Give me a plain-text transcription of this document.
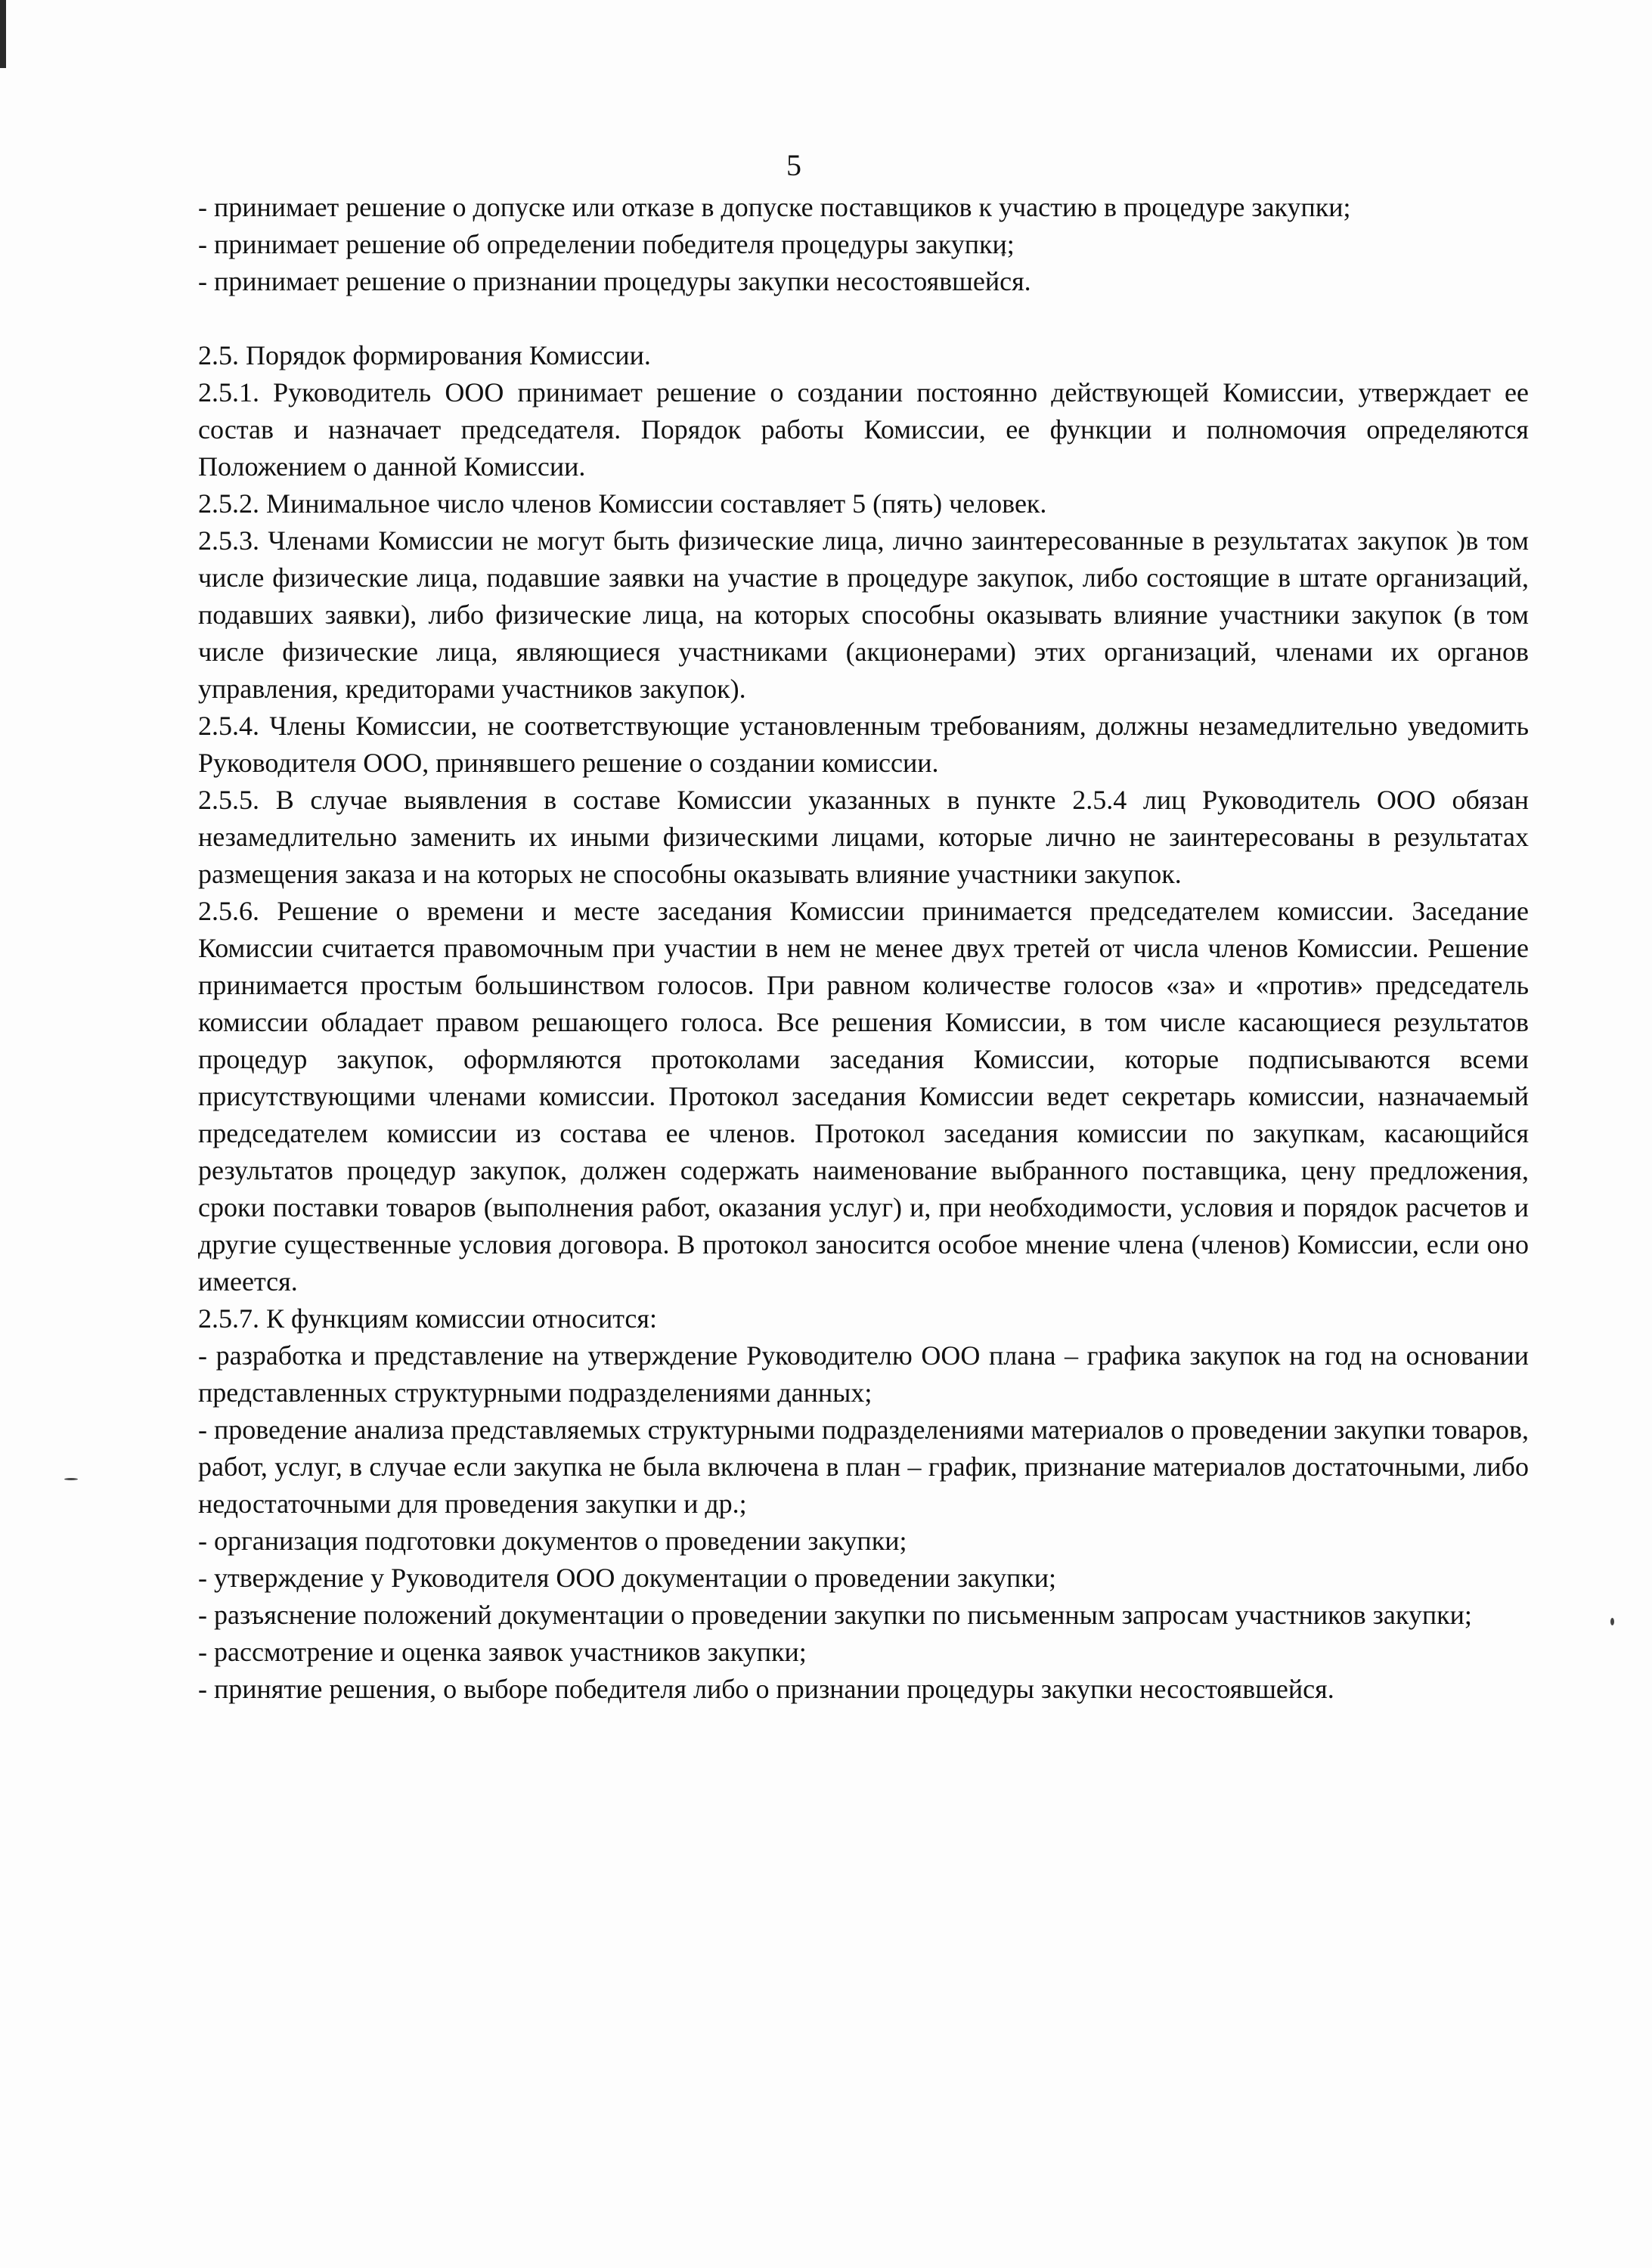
5

- принимает решение о допуске или отказе в допуске поставщиков к участию в процедуре закупки;

- принимает решение об определении победителя процедуры закупки;

- принимает решение о признании процедуры закупки несостоявшейся.

2.5. Порядок формирования Комиссии.

2.5.1. Руководитель ООО принимает решение о создании постоянно действующей Комиссии, утверждает ее состав и назначает председателя. Порядок работы Комиссии, ее функции и полномочия определяются Положением о данной Комиссии.

2.5.2. Минимальное число членов Комиссии составляет 5 (пять) человек.

2.5.3. Членами Комиссии не могут быть физические лица, лично заинтересованные в результатах закупок )в том числе физические лица, подавшие заявки на участие в процедуре закупок, либо состоящие в штате организаций, подавших заявки), либо физические лица, на которых способны оказывать влияние участники закупок (в том числе физические лица, являющиеся участниками (акционерами) этих организаций, членами их органов управления, кредиторами участников закупок).

2.5.4. Члены Комиссии, не соответствующие установленным требованиям, должны незамедлительно уведомить Руководителя ООО, принявшего решение о создании комиссии.

2.5.5. В случае выявления в составе Комиссии указанных в пункте 2.5.4 лиц Руководитель ООО обязан незамедлительно заменить их иными физическими лицами, которые лично не заинтересованы в результатах размещения заказа и на которых не способны оказывать влияние участники закупок.

2.5.6. Решение о времени и месте заседания Комиссии принимается председателем комиссии. Заседание Комиссии считается правомочным при участии в нем не менее двух третей от числа членов Комиссии. Решение принимается простым большинством голосов. При равном количестве голосов «за» и «против» председатель комиссии обладает правом решающего голоса. Все решения Комиссии, в том числе касающиеся результатов процедур закупок, оформляются протоколами заседания Комиссии, которые подписываются всеми присутствующими членами комиссии. Протокол заседания Комиссии ведет секретарь комиссии, назначаемый председателем комиссии из состава ее членов. Протокол заседания комиссии по закупкам, касающийся результатов процедур закупок, должен содержать наименование выбранного поставщика, цену предложения, сроки поставки товаров (выполнения работ, оказания услуг) и, при необходимости, условия и порядок расчетов и другие существенные условия договора. В протокол заносится особое мнение члена (членов) Комиссии, если оно имеется.

2.5.7. К функциям комиссии относится:

- разработка и представление на утверждение Руководителю ООО плана – графика закупок на год на основании представленных структурными подразделениями данных;

- проведение анализа представляемых структурными подразделениями материалов о проведении закупки товаров, работ, услуг, в случае если закупка не была включена в план – график, признание материалов достаточными, либо недостаточными для проведения закупки и др.;

- организация подготовки документов о проведении закупки;

- утверждение у Руководителя ООО документации о проведении закупки;

- разъяснение положений документации о проведении закупки по письменным запросам участников закупки;

- рассмотрение и оценка заявок участников закупки;

- принятие решения, о выборе победителя либо о признании процедуры закупки несостоявшейся.
